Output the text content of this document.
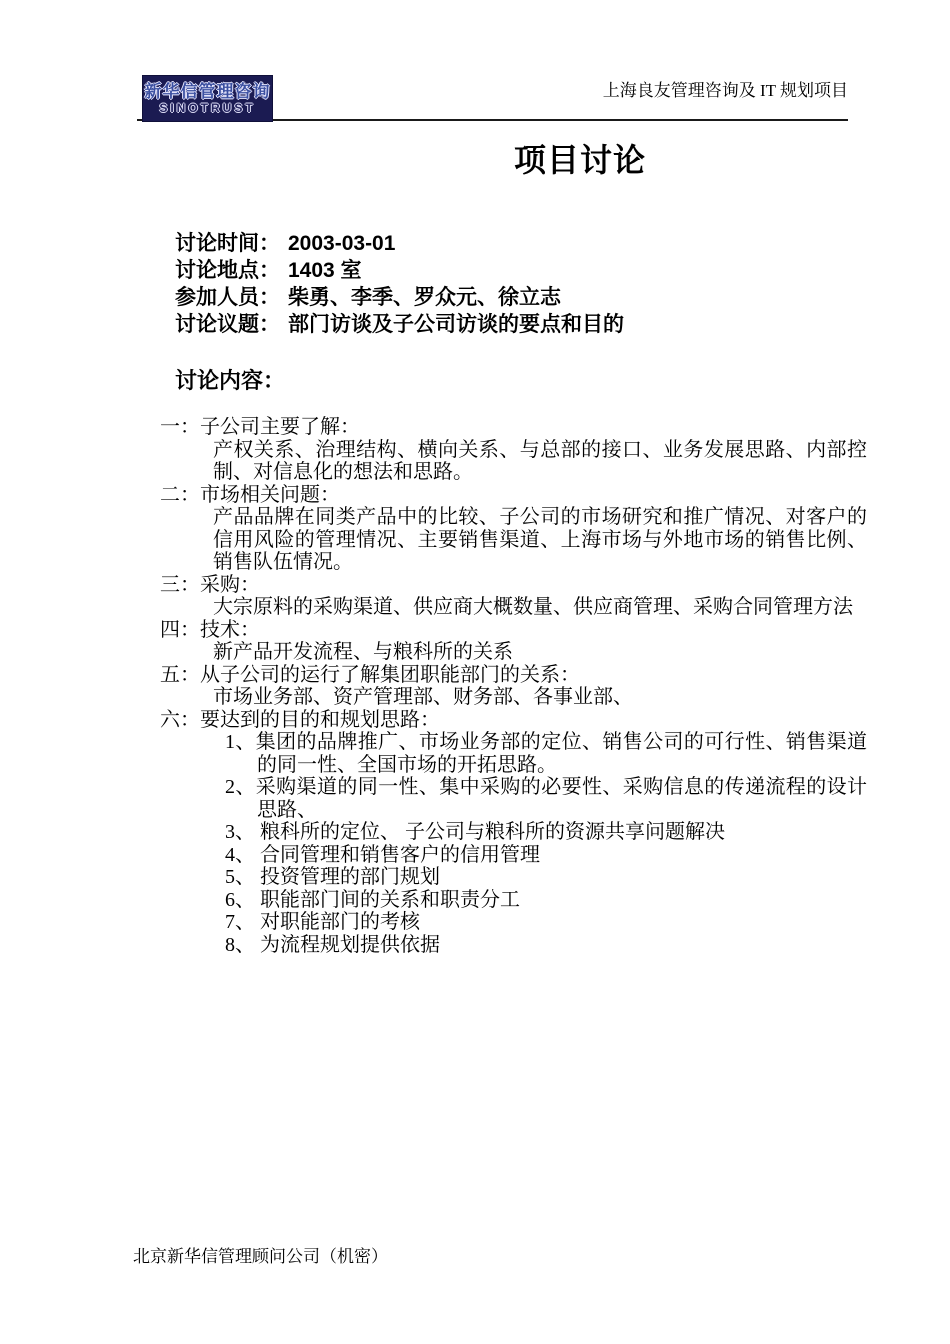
新华信管理咨询
SINOTRUST
上海良友管理咨询及 IT 规划项目
项目讨论
讨论时间： 2003-03-01
讨论地点： 1403 室
参加人员： 柴勇、李季、罗众元、徐立志
讨论议题： 部门访谈及子公司访谈的要点和目的
讨论内容：
一：子公司主要了解：
产权关系、治理结构、横向关系、与总部的接口、业务发展思路、内部控制、对信息化的想法和思路。
二：市场相关问题：
产品品牌在同类产品中的比较、子公司的市场研究和推广情况、对客户的信用风险的管理情况、主要销售渠道、上海市场与外地市场的销售比例、销售队伍情况。
三：采购：
大宗原料的采购渠道、供应商大概数量、供应商管理、采购合同管理方法
四：技术：
新产品开发流程、与粮科所的关系
五：从子公司的运行了解集团职能部门的关系：
市场业务部、资产管理部、财务部、各事业部、
六：要达到的目的和规划思路：
1、集团的品牌推广、市场业务部的定位、销售公司的可行性、销售渠道的同一性、全国市场的开拓思路。
2、采购渠道的同一性、集中采购的必要性、采购信息的传递流程的设计思路、
3、 粮科所的定位、 子公司与粮科所的资源共享问题解决
4、 合同管理和销售客户的信用管理
5、 投资管理的部门规划
6、 职能部门间的关系和职责分工
7、 对职能部门的考核
8、 为流程规划提供依据
北京新华信管理顾问公司（机密）
